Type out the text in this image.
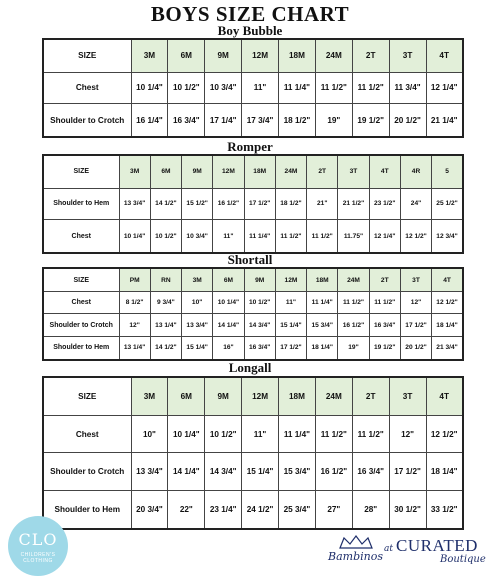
BOYS SIZE CHART
Boy Bubble
SIZE	3M	6M	9M	12M	18M	24M	2T	3T	4T
Chest	10 1/4"	10 1/2"	10 3/4"	11"	11 1/4"	11 1/2"	11 1/2"	11 3/4"	12 1/4"
Shoulder to Crotch	16 1/4"	16 3/4"	17 1/4"	17 3/4"	18 1/2"	19"	19 1/2"	20 1/2"	21 1/4"
Romper
SIZE	3M	6M	9M	12M	18M	24M	2T	3T	4T	4R	5
Shoulder to Hem	13 3/4"	14 1/2"	15 1/2"	16 1/2"	17 1/2"	18 1/2"	21"	21 1/2"	23 1/2"	24"	25 1/2"
Chest	10 1/4"	10 1/2"	10 3/4"	11"	11 1/4"	11 1/2"	11 1/2"	11.75"	12 1/4"	12 1/2"	12 3/4"
Shortall
SIZE	PM	RN	3M	6M	9M	12M	18M	24M	2T	3T	4T
Chest	8 1/2"	9 3/4"	10"	10 1/4"	10 1/2"	11"	11 1/4"	11 1/2"	11 1/2"	12"	12 1/2"
Shoulder to Crotch	12"	13 1/4"	13 3/4"	14 1/4"	14 3/4"	15 1/4"	15 3/4"	16 1/2"	16 3/4"	17 1/2"	18 1/4"
Shoulder to Hem	13 1/4"	14 1/2"	15 1/4"	16"	16 3/4"	17 1/2"	18 1/4"	19"	19 1/2"	20 1/2"	21 3/4"
Longall
SIZE	3M	6M	9M	12M	18M	24M	2T	3T	4T
Chest	10"	10 1/4"	10 1/2"	11"	11 1/4"	11 1/2"	11 1/2"	12"	12 1/2"
Shoulder to Crotch	13 3/4"	14 1/4"	14 3/4"	15 1/4"	15 3/4"	16 1/2"	16 3/4"	17 1/2"	18 1/4"
Shoulder to Hem	20 3/4"	22"	23 1/4"	24 1/2"	25 3/4"	27"	28"	30 1/2"	33 1/2"
CLO
CHILDREN'S CLOTHING	Bambinos
at CURATED
Boutique
